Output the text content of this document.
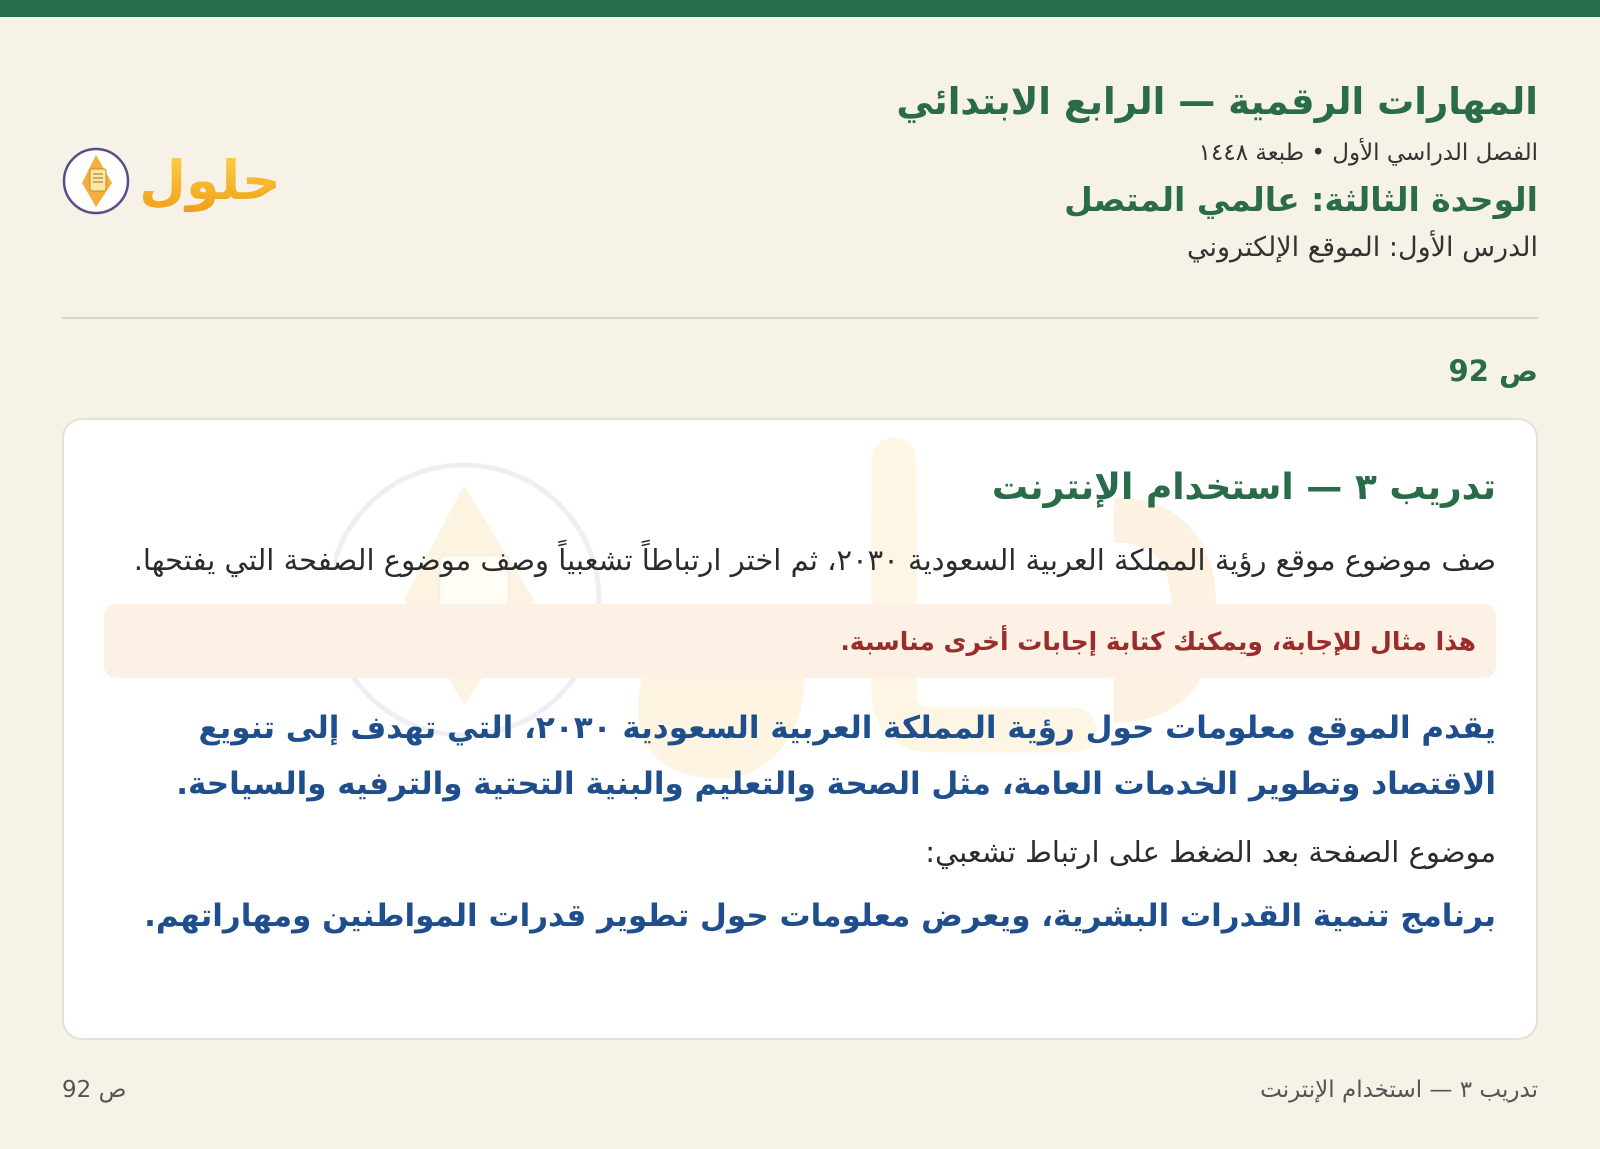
المهارات الرقمية — الرابع الابتدائي
الفصل الدراسي الأول • طبعة ١٤٤٨
الوحدة الثالثة: عالمي المتصل
الدرس الأول: الموقع الإلكتروني
حلول
ص 92
تدريب ٣ — استخدام الإنترنت
صف موضوع موقع رؤية المملكة العربية السعودية ٢٠٣٠، ثم اختر ارتباطاً تشعبياً وصف موضوع الصفحة التي يفتحها.
هذا مثال للإجابة، ويمكنك كتابة إجابات أخرى مناسبة.
يقدم الموقع معلومات حول رؤية المملكة العربية السعودية ٢٠٣٠، التي تهدف إلى تنويع الاقتصاد وتطوير الخدمات العامة، مثل الصحة والتعليم والبنية التحتية والترفيه والسياحة.
موضوع الصفحة بعد الضغط على ارتباط تشعبي:
برنامج تنمية القدرات البشرية، ويعرض معلومات حول تطوير قدرات المواطنين ومهاراتهم.
تدريب ٣ — استخدام الإنترنت
ص 92
